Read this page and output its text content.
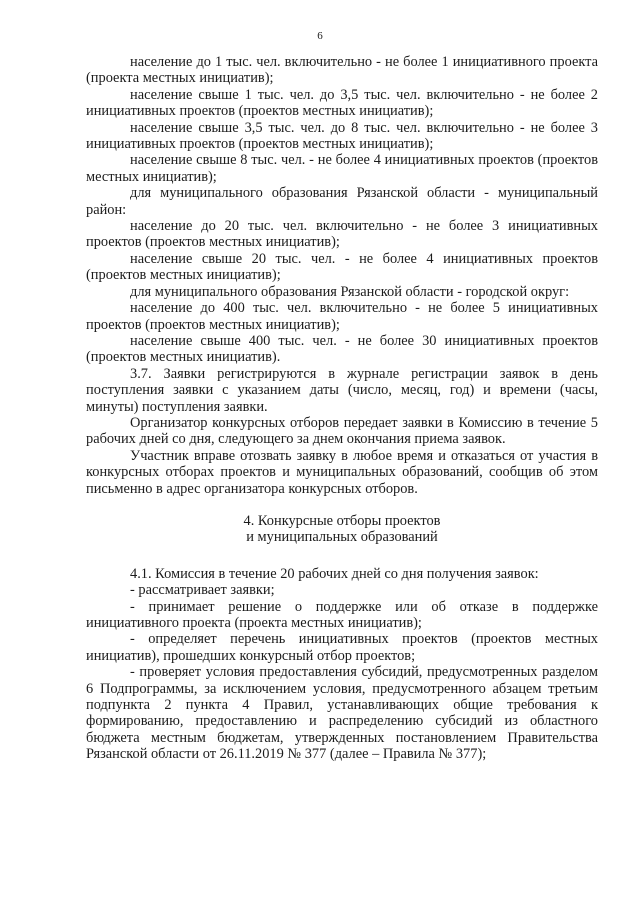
6

население до 1 тыс. чел. включительно - не более 1 инициативного проекта (проекта местных инициатив);

население свыше 1 тыс. чел. до 3,5 тыс. чел. включительно - не более 2 инициативных проектов (проектов местных инициатив);

население свыше 3,5 тыс. чел. до 8 тыс. чел. включительно - не более 3 инициативных проектов (проектов местных инициатив);

население свыше 8 тыс. чел. - не более 4 инициативных проектов (проектов местных инициатив);

для муниципального образования Рязанской области - муниципальный район:

население до 20 тыс. чел. включительно - не более 3 инициативных проектов (проектов местных инициатив);

население свыше 20 тыс. чел. - не более 4 инициативных проектов (проектов местных инициатив);

для муниципального образования Рязанской области - городской округ:

население до 400 тыс. чел. включительно - не более 5 инициативных проектов (проектов местных инициатив);

население свыше 400 тыс. чел. - не более 30 инициативных проектов (проектов местных инициатив).

3.7. Заявки регистрируются в журнале регистрации заявок в день поступления заявки с указанием даты (число, месяц, год) и времени (часы, минуты) поступления заявки.

Организатор конкурсных отборов передает заявки в Комиссию в течение 5 рабочих дней со дня, следующего за днем окончания приема заявок.

Участник вправе отозвать заявку в любое время и отказаться от участия в конкурсных отборах проектов и муниципальных образований, сообщив об этом письменно в адрес организатора конкурсных отборов.

4. Конкурсные отборы проектов
и муниципальных образований

4.1. Комиссия в течение 20 рабочих дней со дня получения заявок:

- рассматривает заявки;

- принимает решение о поддержке или об отказе в поддержке инициативного проекта (проекта местных инициатив);

- определяет перечень инициативных проектов (проектов местных инициатив), прошедших конкурсный отбор проектов;

- проверяет условия предоставления субсидий, предусмотренных разделом 6 Подпрограммы, за исключением условия, предусмотренного абзацем третьим подпункта 2 пункта 4 Правил, устанавливающих общие требования к формированию, предоставлению и распределению субсидий из областного бюджета местным бюджетам, утвержденных постановлением Правительства Рязанской области от 26.11.2019 № 377 (далее – Правила № 377);
